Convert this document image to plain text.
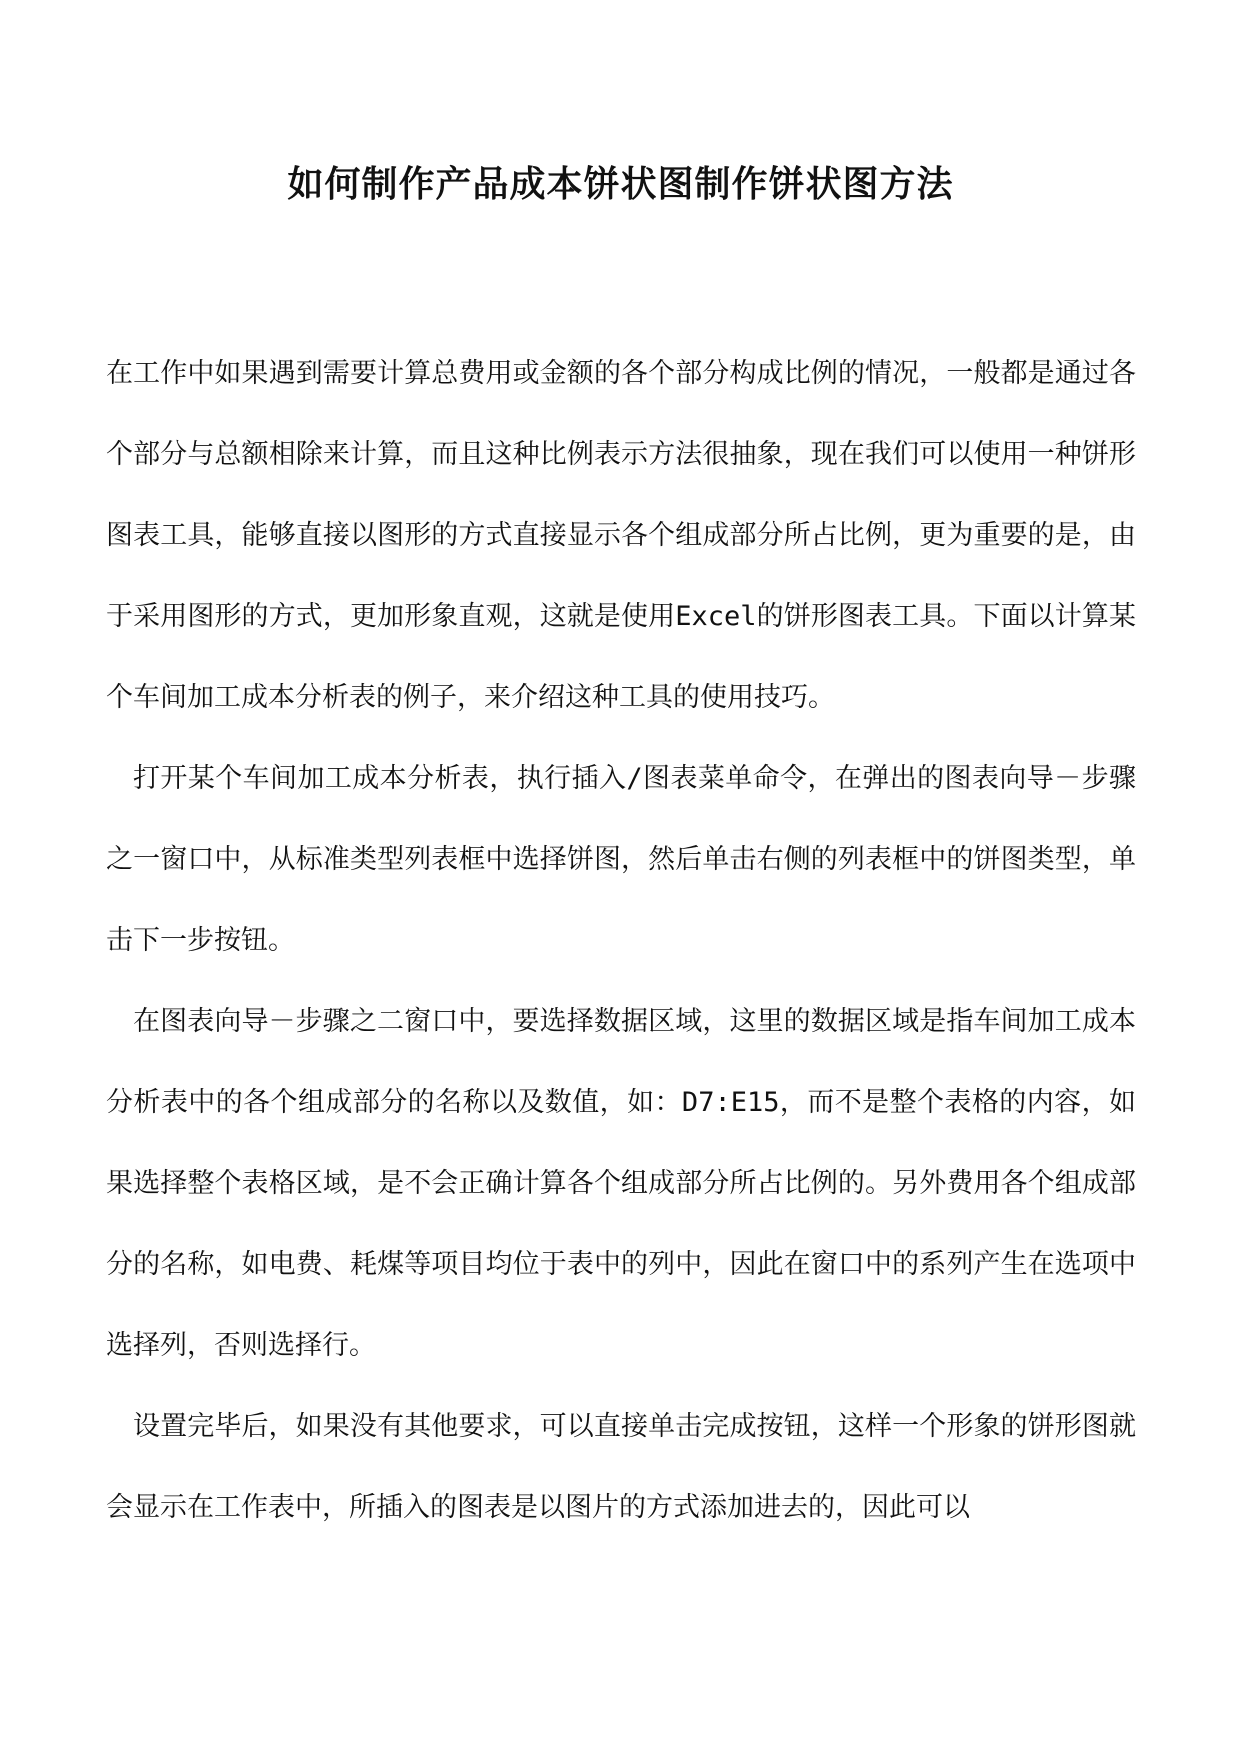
如何制作产品成本饼状图制作饼状图方法

在工作中如果遇到需要计算总费用或金额的各个部分构成比例的情况，一般都是通过各个部分与总额相除来计算，而且这种比例表示方法很抽象，现在我们可以使用一种饼形图表工具，能够直接以图形的方式直接显示各个组成部分所占比例，更为重要的是，由于采用图形的方式，更加形象直观，这就是使用Excel的饼形图表工具。下面以计算某个车间加工成本分析表的例子，来介绍这种工具的使用技巧。

打开某个车间加工成本分析表，执行插入/图表菜单命令，在弹出的图表向导－步骤之一窗口中，从标准类型列表框中选择饼图，然后单击右侧的列表框中的饼图类型，单击下一步按钮。

在图表向导－步骤之二窗口中，要选择数据区域，这里的数据区域是指车间加工成本分析表中的各个组成部分的名称以及数值，如：D7:E15，而不是整个表格的内容，如果选择整个表格区域，是不会正确计算各个组成部分所占比例的。另外费用各个组成部分的名称，如电费、耗煤等项目均位于表中的列中，因此在窗口中的系列产生在选项中选择列，否则选择行。

设置完毕后，如果没有其他要求，可以直接单击完成按钮，这样一个形象的饼形图就会显示在工作表中，所插入的图表是以图片的方式添加进去的，因此可以
